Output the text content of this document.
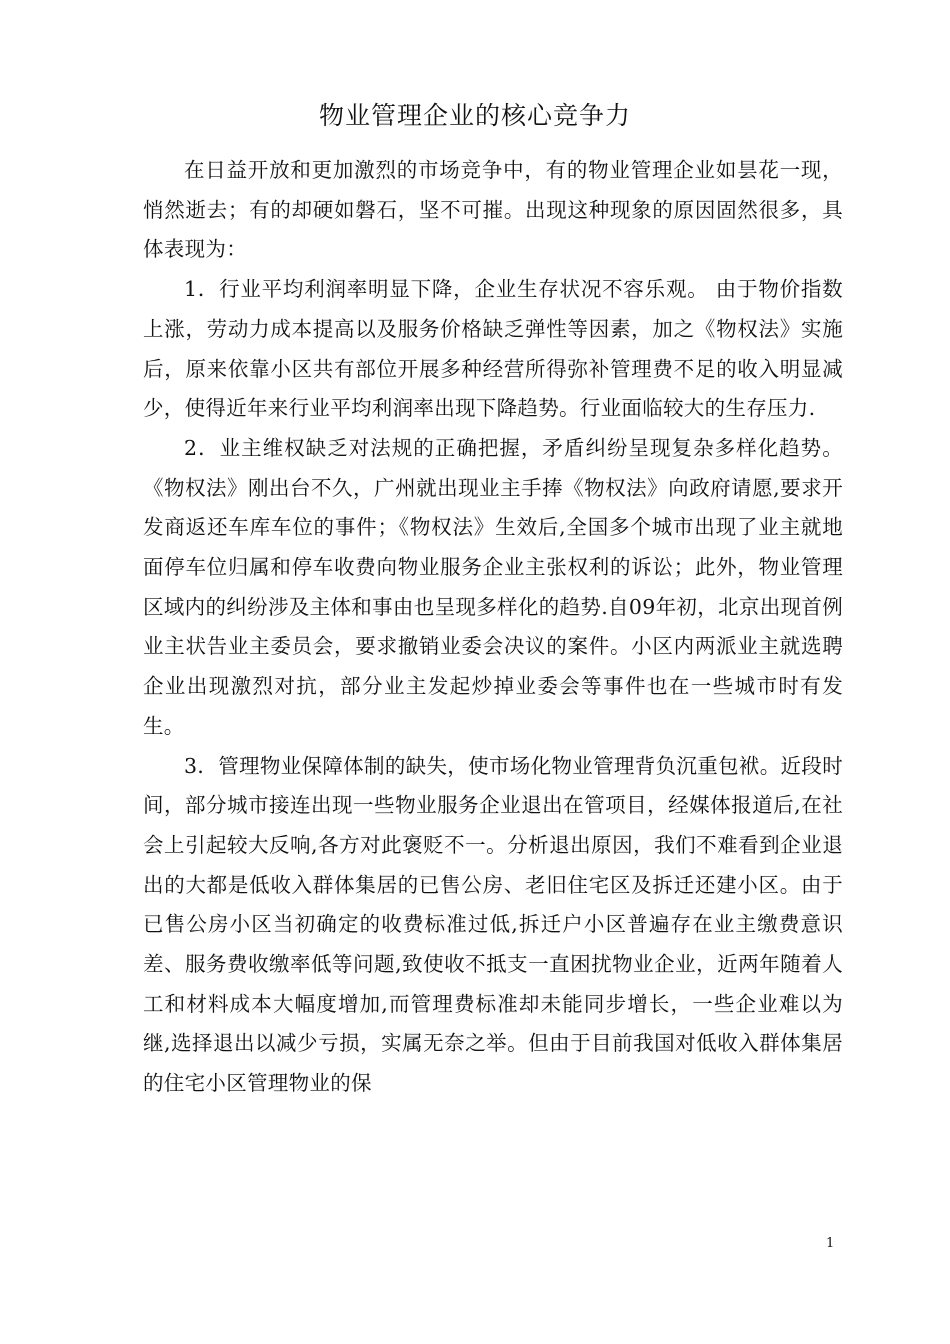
物业管理企业的核心竞争力

在日益开放和更加激烈的市场竞争中，有的物业管理企业如昙花一现，悄然逝去；有的却硬如磐石，坚不可摧。出现这种现象的原因固然很多，具体表现为：

1．行业平均利润率明显下降，企业生存状况不容乐观。 由于物价指数上涨，劳动力成本提高以及服务价格缺乏弹性等因素，加之《物权法》实施后，原来依靠小区共有部位开展多种经营所得弥补管理费不足的收入明显减少，使得近年来行业平均利润率出现下降趋势。行业面临较大的生存压力.

2．业主维权缺乏对法规的正确把握，矛盾纠纷呈现复杂多样化趋势。《物权法》刚出台不久，广州就出现业主手捧《物权法》向政府请愿,要求开发商返还车库车位的事件；《物权法》生效后,全国多个城市出现了业主就地面停车位归属和停车收费向物业服务企业主张权利的诉讼；此外，物业管理区域内的纠纷涉及主体和事由也呈现多样化的趋势.自09年初，北京出现首例业主状告业主委员会，要求撤销业委会决议的案件。小区内两派业主就选聘企业出现激烈对抗，部分业主发起炒掉业委会等事件也在一些城市时有发生。

3．管理物业保障体制的缺失，使市场化物业管理背负沉重包袱。近段时间，部分城市接连出现一些物业服务企业退出在管项目，经媒体报道后,在社会上引起较大反响,各方对此褒贬不一。分析退出原因，我们不难看到企业退出的大都是低收入群体集居的已售公房、老旧住宅区及拆迁还建小区。由于已售公房小区当初确定的收费标准过低,拆迁户小区普遍存在业主缴费意识差、服务费收缴率低等问题,致使收不抵支一直困扰物业企业，近两年随着人工和材料成本大幅度增加,而管理费标准却未能同步增长，一些企业难以为继,选择退出以减少亏损，实属无奈之举。但由于目前我国对低收入群体集居的住宅小区管理物业的保

1
